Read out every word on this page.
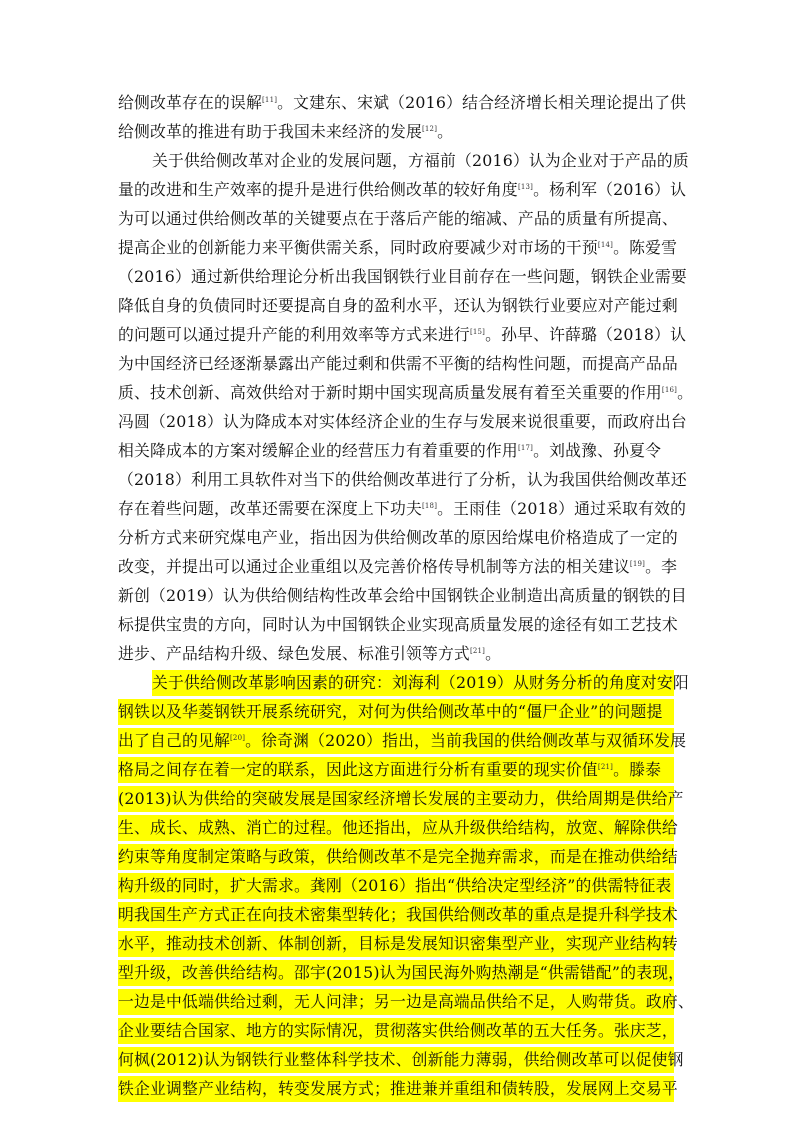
给侧改革存在的误解[11]。文建东、宋斌（2016）结合经济增长相关理论提出了供
给侧改革的推进有助于我国未来经济的发展[12]。
关于供给侧改革对企业的发展问题，方福前（2016）认为企业对于产品的质
量的改进和生产效率的提升是进行供给侧改革的较好角度[13]。杨利军（2016）认
为可以通过供给侧改革的关键要点在于落后产能的缩减、产品的质量有所提高、
提高企业的创新能力来平衡供需关系，同时政府要减少对市场的干预[14]。陈爱雪
（2016）通过新供给理论分析出我国钢铁行业目前存在一些问题，钢铁企业需要
降低自身的负债同时还要提高自身的盈利水平，还认为钢铁行业要应对产能过剩
的问题可以通过提升产能的利用效率等方式来进行[15]。孙早、许薛璐（2018）认
为中国经济已经逐渐暴露出产能过剩和供需不平衡的结构性问题，而提高产品品
质、技术创新、高效供给对于新时期中国实现高质量发展有着至关重要的作用[16]。
冯圆（2018）认为降成本对实体经济企业的生存与发展来说很重要，而政府出台
相关降成本的方案对缓解企业的经营压力有着重要的作用[17]。刘战豫、孙夏令
（2018）利用工具软件对当下的供给侧改革进行了分析，认为我国供给侧改革还
存在着些问题，改革还需要在深度上下功夫[18]。王雨佳（2018）通过采取有效的
分析方式来研究煤电产业，指出因为供给侧改革的原因给煤电价格造成了一定的
改变，并提出可以通过企业重组以及完善价格传导机制等方法的相关建议[19]。李
新创（2019）认为供给侧结构性改革会给中国钢铁企业制造出高质量的钢铁的目
标提供宝贵的方向，同时认为中国钢铁企业实现高质量发展的途径有如工艺技术
进步、产品结构升级、绿色发展、标准引领等方式[21]。
关于供给侧改革影响因素的研究：刘海利（2019）从财务分析的角度对安阳
钢铁以及华菱钢铁开展系统研究，对何为供给侧改革中的“僵尸企业”的问题提
出了自己的见解[20]。徐奇渊（2020）指出，当前我国的供给侧改革与双循环发展
格局之间存在着一定的联系，因此这方面进行分析有重要的现实价值[21]。滕泰
(2013)认为供给的突破发展是国家经济增长发展的主要动力，供给周期是供给产
生、成长、成熟、消亡的过程。他还指出，应从升级供给结构，放宽、解除供给
约束等角度制定策略与政策，供给侧改革不是完全抛弃需求，而是在推动供给结
构升级的同时，扩大需求。龚刚（2016）指出“供给决定型经济”的供需特征表
明我国生产方式正在向技术密集型转化；我国供给侧改革的重点是提升科学技术
水平，推动技术创新、体制创新，目标是发展知识密集型产业，实现产业结构转
型升级，改善供给结构。邵宇(2015)认为国民海外购热潮是“供需错配”的表现，
一边是中低端供给过剩，无人问津；另一边是高端品供给不足，人购带货。政府、
企业要结合国家、地方的实际情况，贯彻落实供给侧改革的五大任务。张庆芝，
何枫(2012)认为钢铁行业整体科学技术、创新能力薄弱，供给侧改革可以促使钢
铁企业调整产业结构，转变发展方式；推进兼并重组和债转股，发展网上交易平
